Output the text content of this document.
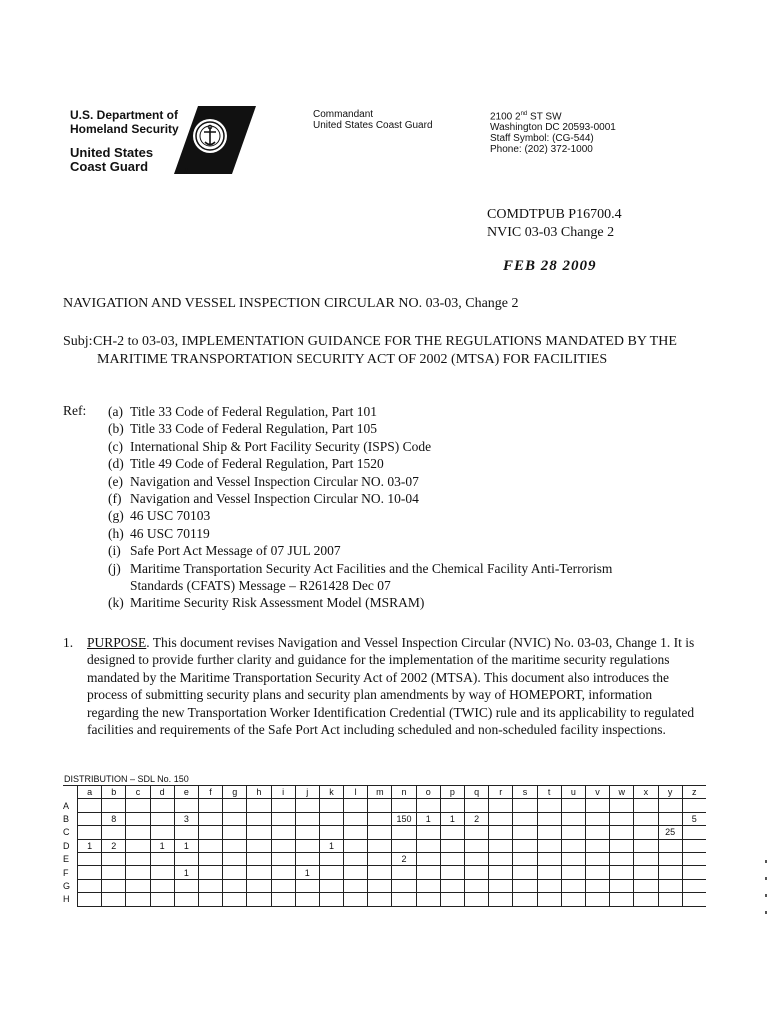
U.S. Department of
Homeland Security
United States
Coast Guard
Commandant
United States Coast Guard
2100 2nd ST SW
Washington DC 20593-0001
Staff Symbol: (CG-544)
Phone: (202) 372-1000
COMDTPUB P16700.4
NVIC 03-03 Change 2
FEB 28 2009
NAVIGATION AND VESSEL INSPECTION CIRCULAR NO. 03-03, Change 2
Subj: CH-2 to 03-03, IMPLEMENTATION GUIDANCE FOR THE REGULATIONS MANDATED BY THE MARITIME TRANSPORTATION SECURITY ACT OF 2002 (MTSA) FOR FACILITIES
Ref: (a) Title 33 Code of Federal Regulation, Part 101
(b) Title 33 Code of Federal Regulation, Part 105
(c) International Ship & Port Facility Security (ISPS) Code
(d) Title 49 Code of Federal Regulation, Part 1520
(e) Navigation and Vessel Inspection Circular NO. 03-07
(f) Navigation and Vessel Inspection Circular NO. 10-04
(g) 46 USC 70103
(h) 46 USC 70119
(i) Safe Port Act Message of 07 JUL 2007
(j) Maritime Transportation Security Act Facilities and the Chemical Facility Anti-Terrorism Standards (CFATS) Message – R261428 Dec 07
(k) Maritime Security Risk Assessment Model (MSRAM)
1.	PURPOSE. This document revises Navigation and Vessel Inspection Circular (NVIC) No. 03-03, Change 1. It is designed to provide further clarity and guidance for the implementation of the maritime security regulations mandated by the Maritime Transportation Security Act of 2002 (MTSA). This document also introduces the process of submitting security plans and security plan amendments by way of HOMEPORT, information regarding the new Transportation Worker Identification Credential (TWIC) rule and its applicability to regulated facilities and requirements of the Safe Port Act including scheduled and non-scheduled facility inspections.
DISTRIBUTION – SDL No. 150
	a	b	c	d	e	f	g	h	i	j	k	l	m	n	o	p	q	r	s	t	u	v	w	x	y	z
A																										
B		8			3									150	1	1	2									5
C																									25	
D	1	2		1	1						1															
E														2												
F					1					1																
G																										
H																										
